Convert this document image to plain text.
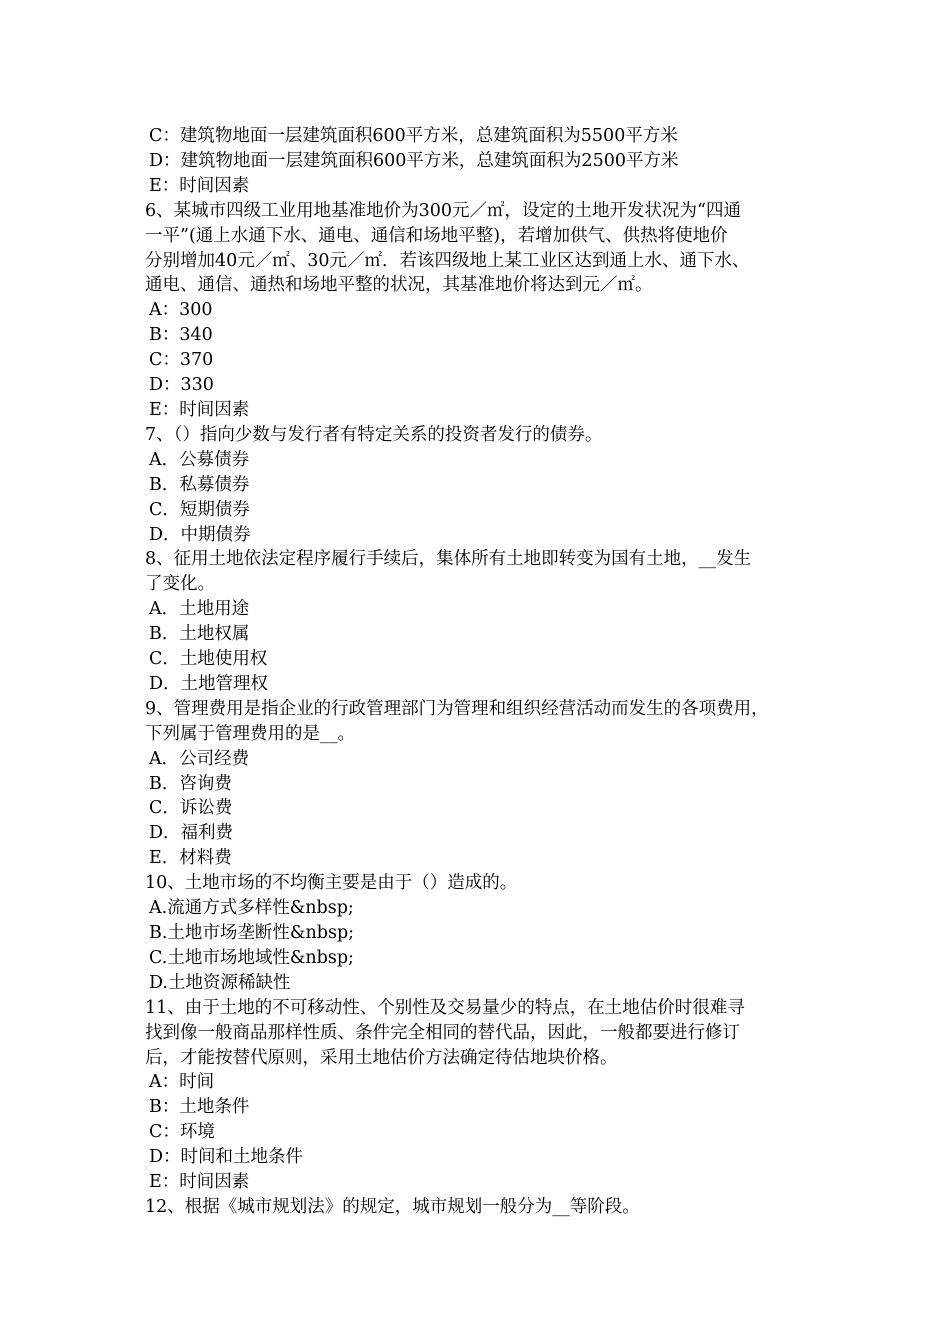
C：建筑物地面一层建筑面积600平方米，总建筑面积为5500平方米
D：建筑物地面一层建筑面积600平方米，总建筑面积为2500平方米
E：时间因素
6、某城市四级工业用地基准地价为300元／㎡，设定的土地开发状况为“四通
一平”(通上水通下水、通电、通信和场地平整)，若增加供气、供热将使地价
分别增加40元／㎡、30元／㎡．若该四级地上某工业区达到通上水、通下水、
通电、通信、通热和场地平整的状况，其基准地价将达到元／㎡。
A：300
B：340
C：370
D：330
E：时间因素
7、（）指向少数与发行者有特定关系的投资者发行的债券。
A．公募债券
B．私募债券
C．短期债券
D．中期债券
8、征用土地依法定程序履行手续后，集体所有土地即转变为国有土地，__发生
了变化。
A．土地用途
B．土地权属
C．土地使用权
D．土地管理权
9、管理费用是指企业的行政管理部门为管理和组织经营活动而发生的各项费用，
下列属于管理费用的是__。
A．公司经费
B．咨询费
C．诉讼费
D．福利费
E．材料费
10、土地市场的不均衡主要是由于（）造成的。
A.流通方式多样性&nbsp;
B.土地市场垄断性&nbsp;
C.土地市场地域性&nbsp;
D.土地资源稀缺性
11、由于土地的不可移动性、个别性及交易量少的特点，在土地估价时很难寻
找到像一般商品那样性质、条件完全相同的替代品，因此，一般都要进行修订
后，才能按替代原则，采用土地估价方法确定待估地块价格。
A：时间
B：土地条件
C：环境
D：时间和土地条件
E：时间因素
12、根据《城市规划法》的规定，城市规划一般分为__等阶段。
